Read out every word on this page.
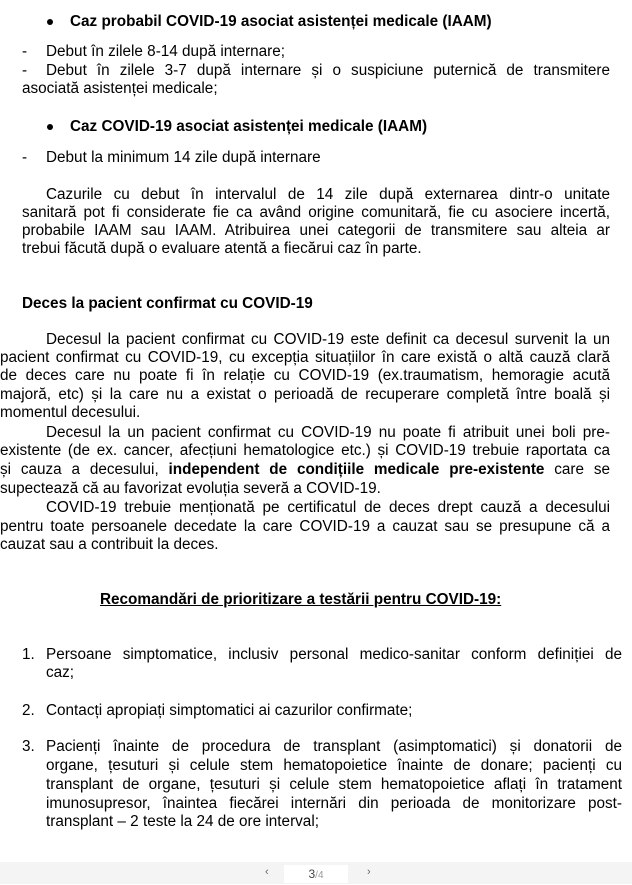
Caz probabil COVID-19 asociat asistenței medicale (IAAM)
- Debut în zilele 8-14 după internare;
- Debut în zilele 3-7 după internare și o suspiciune puternică de transmitere
asociată asistenței medicale;
Caz COVID-19 asociat asistenței medicale (IAAM)
- Debut la minimum 14 zile după internare
Cazurile cu debut în intervalul de 14 zile după externarea dintr-o unitate
sanitară pot fi considerate fie ca având origine comunitară, fie cu asociere incertă,
probabile IAAM sau IAAM. Atribuirea unei categorii de transmitere sau alteia ar
trebui făcută după o evaluare atentă a fiecărui caz în parte.
Deces la pacient confirmat cu COVID-19
Decesul la pacient confirmat cu COVID-19 este definit ca decesul survenit la un
pacient confirmat cu COVID-19, cu excepția situațiilor în care există o altă cauză clară
de deces care nu poate fi în relație cu COVID-19 (ex.traumatism, hemoragie acută
majoră, etc) și la care nu a existat o perioadă de recuperare completă între boală și
momentul decesului.
Decesul la un pacient confirmat cu COVID-19 nu poate fi atribuit unei boli pre-
existente (de ex. cancer, afecțiuni hematologice etc.) și COVID-19 trebuie raportata ca
și cauza a decesului, independent de condițiile medicale pre-existente care se
supectează că au favorizat evoluția severă a COVID-19.
COVID-19 trebuie menționată pe certificatul de deces drept cauză a decesului
pentru toate persoanele decedate la care COVID-19 a cauzat sau se presupune că a
cauzat sau a contribuit la deces.
Recomandări de prioritizare a testării pentru COVID-19:
1. Persoane simptomatice, inclusiv personal medico-sanitar conform definiției de
caz;
2. Contacți apropiați simptomatici ai cazurilor confirmate;
3. Pacienți înainte de procedura de transplant (asimptomatici) și donatorii de
organe, țesuturi și celule stem hematopoietice înainte de donare; pacienți cu
transplant de organe, țesuturi și celule stem hematopoietice aflați în tratament
imunosupresor, înaintea fiecărei internări din perioada de monitorizare post-
transplant – 2 teste la 24 de ore interval;
‹	3/4	›
